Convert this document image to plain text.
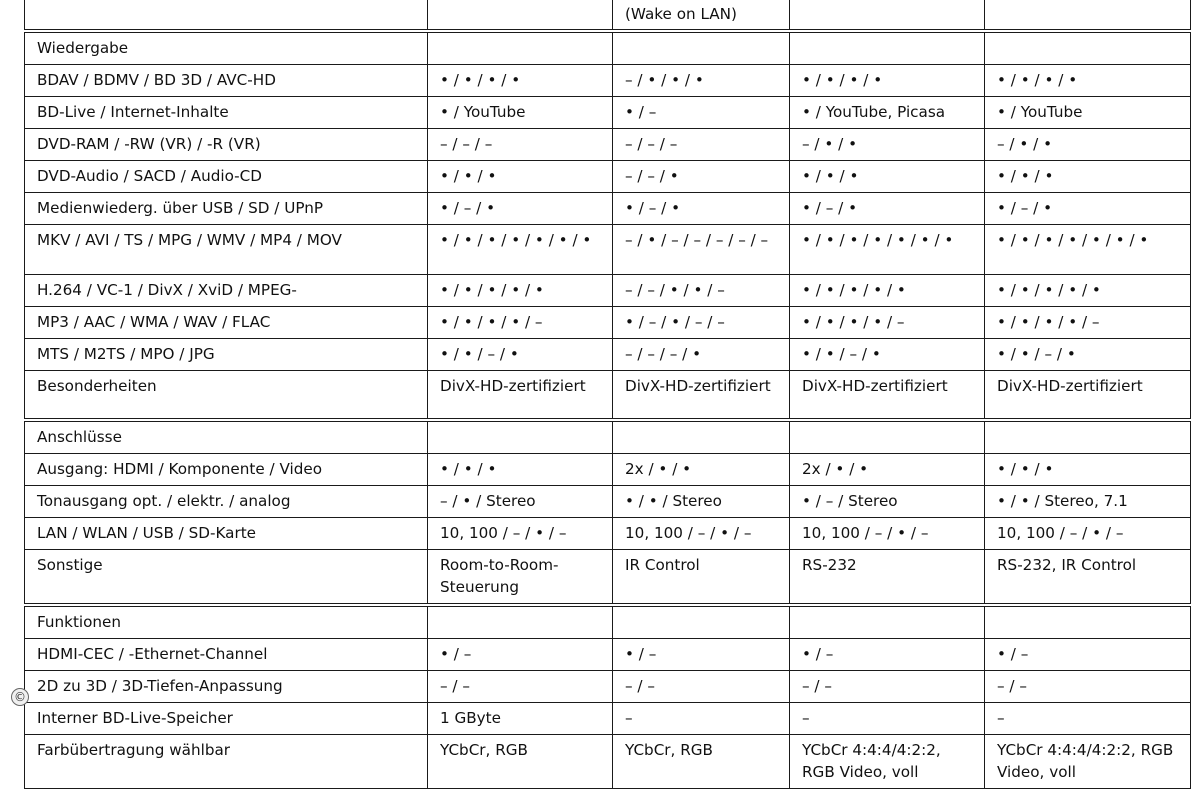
		(Wake on LAN)		
Wiedergabe				
BDAV / BDMV / BD 3D / AVC-HD	• / • / • / •	– / • / • / •	• / • / • / •	• / • / • / •
BD-Live / Internet-Inhalte	• / YouTube	• / –	• / YouTube, Picasa	• / YouTube
DVD-RAM / -RW (VR) / -R (VR)	– / – / –	– / – / –	– / • / •	– / • / •
DVD-Audio / SACD / Audio-CD	• / • / •	– / – / •	• / • / •	• / • / •
Medienwiederg. über USB / SD / UPnP	• / – / •	• / – / •	• / – / •	• / – / •
MKV / AVI / TS / MPG / WMV / MP4 / MOV	• / • / • / • / • / • / •	– / • / – / – / – / – / –	• / • / • / • / • / • / •	• / • / • / • / • / • / •
H.264 / VC-1 / DivX / XviD / MPEG-	• / • / • / • / •	– / – / • / • / –	• / • / • / • / •	• / • / • / • / •
MP3 / AAC / WMA / WAV / FLAC	• / • / • / • / –	• / – / • / – / –	• / • / • / • / –	• / • / • / • / –
MTS / M2TS / MPO / JPG	• / • / – / •	– / – / – / •	• / • / – / •	• / • / – / •
Besonderheiten	DivX-HD-zertifiziert	DivX-HD-zertifiziert	DivX-HD-zertifiziert	DivX-HD-zertifiziert
Anschlüsse				
Ausgang: HDMI / Komponente / Video	• / • / •	2x / • / •	2x / • / •	• / • / •
Tonausgang opt. / elektr. / analog	– / • / Stereo	• / • / Stereo	• / – / Stereo	• / • / Stereo, 7.1
LAN / WLAN / USB / SD-Karte	10, 100 / – / • / –	10, 100 / – / • / –	10, 100 / – / • / –	10, 100 / – / • / –
Sonstige	Room-to-Room-Steuerung	IR Control	RS-232	RS-232, IR Control
Funktionen				
HDMI-CEC / -Ethernet-Channel	• / –	• / –	• / –	• / –
2D zu 3D / 3D-Tiefen-Anpassung	– / –	– / –	– / –	– / –
Interner BD-Live-Speicher	1 GByte	–	–	–
Farbübertragung wählbar	YCbCr, RGB	YCbCr, RGB	YCbCr 4:4:4/4:2:2, RGB Video, voll	YCbCr 4:4:4/4:2:2, RGB Video, voll
©
